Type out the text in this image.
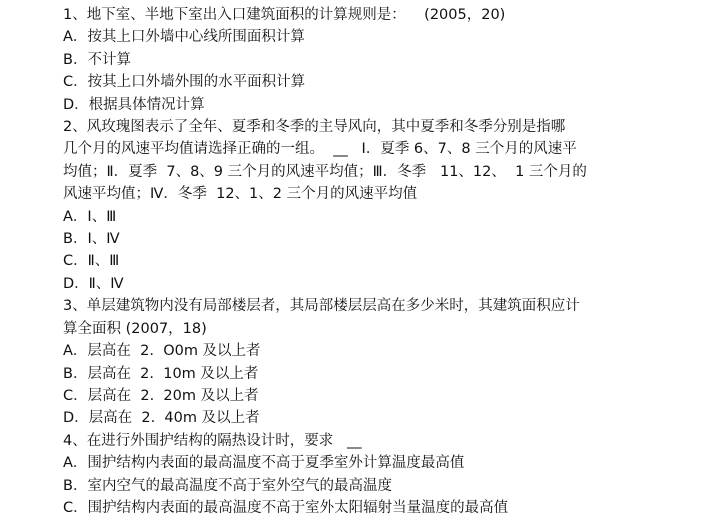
1、地下室、半地下室出入口建筑面积的计算规则是：    (2005，20)
A．按其上口外墙中心线所围面积计算
B．不计算
C．按其上口外墙外围的水平面积计算
D．根据具体情况计算
2、风玫瑰图表示了全年、夏季和冬季的主导风向，其中夏季和冬季分别是指哪
几个月的风速平均值请选择正确的一组。  __   Ⅰ．夏季 6、7、8 三个月的风速平
均值；Ⅱ．夏季  7、8、9 三个月的风速平均值；Ⅲ．冬季   11、12、  1 三个月的
风速平均值；Ⅳ．冬季  12、1、2 三个月的风速平均值
A．Ⅰ、Ⅲ
B．Ⅰ、Ⅳ
C．Ⅱ、Ⅲ
D．Ⅱ、Ⅳ
3、单层建筑物内没有局部楼层者，其局部楼层层高在多少米时，其建筑面积应计
算全面积 (2007，18)
A．层高在  2.  O0m 及以上者
B．层高在  2.  10m 及以上者
C．层高在  2.  20m 及以上者
D．层高在  2.  40m 及以上者
4、在进行外围护结构的隔热设计时，要求   __
A．围护结构内表面的最高温度不高于夏季室外计算温度最高值
B．室内空气的最高温度不高于室外空气的最高温度
C．围护结构内表面的最高温度不高于室外太阳辐射当量温度的最高值
